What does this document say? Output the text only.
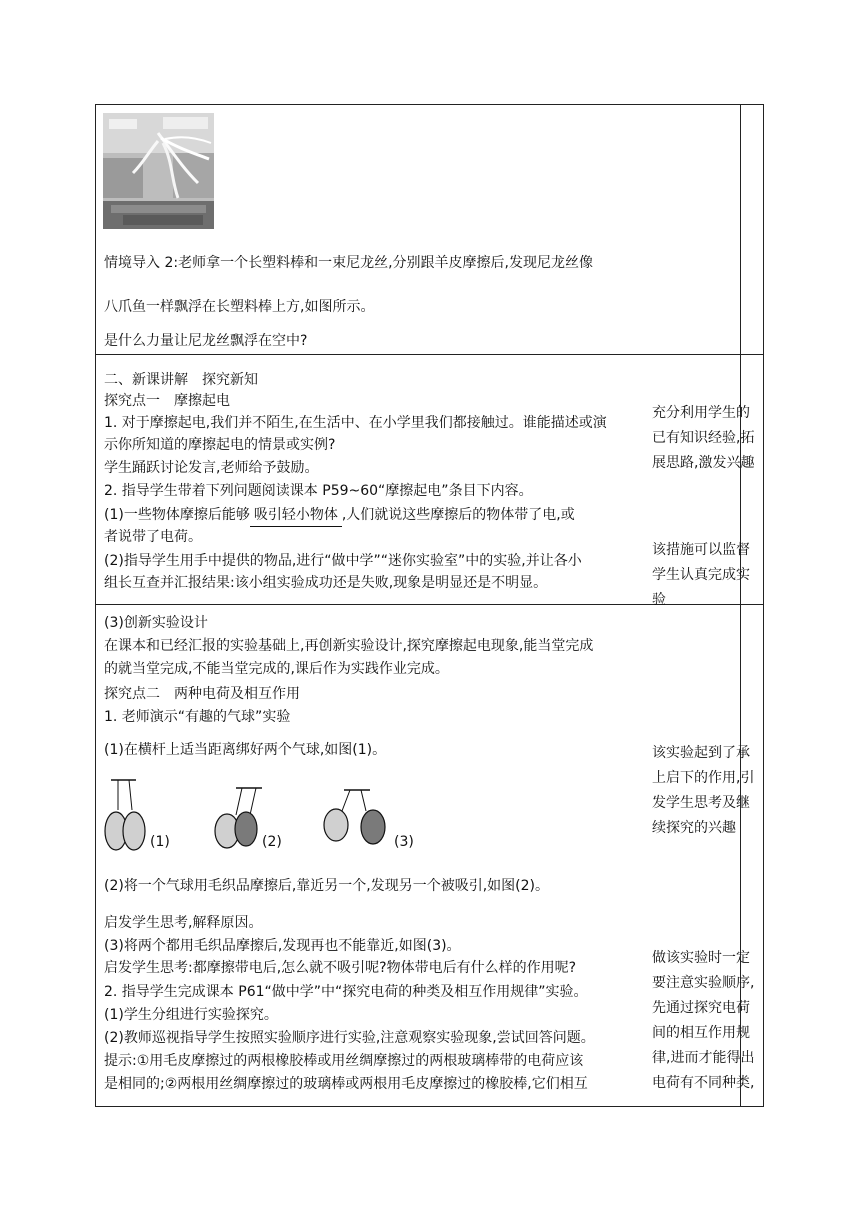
情境导入 2:老师拿一个长塑料棒和一束尼龙丝,分别跟羊皮摩擦后,发现尼龙丝像
八爪鱼一样飘浮在长塑料棒上方,如图所示。
是什么力量让尼龙丝飘浮在空中?
二、新课讲解　探究新知
探究点一　摩擦起电
1. 对于摩擦起电,我们并不陌生,在生活中、在小学里我们都接触过。谁能描述或演
示你所知道的摩擦起电的情景或实例?
学生踊跃讨论发言,老师给予鼓励。
2. 指导学生带着下列问题阅读课本 P59~60“摩擦起电”条目下内容。
(1)一些物体摩擦后能够 吸引轻小物体 ,人们就说这些摩擦后的物体带了电,或
者说带了电荷。
(2)指导学生用手中提供的物品,进行“做中学”“迷你实验室”中的实验,并让各小
组长互查并汇报结果:该小组实验成功还是失败,现象是明显还是不明显。
充分利用学生的已有知识经验,拓展思路,激发兴趣
该措施可以监督学生认真完成实验
(3)创新实验设计
在课本和已经汇报的实验基础上,再创新实验设计,探究摩擦起电现象,能当堂完成
的就当堂完成,不能当堂完成的,课后作为实践作业完成。
探究点二　两种电荷及相互作用
1. 老师演示“有趣的气球”实验
(1)在横杆上适当距离绑好两个气球,如图(1)。
(1)	(2)	(3)
(2)将一个气球用毛织品摩擦后,靠近另一个,发现另一个被吸引,如图(2)。
启发学生思考,解释原因。
(3)将两个都用毛织品摩擦后,发现再也不能靠近,如图(3)。
启发学生思考:都摩擦带电后,怎么就不吸引呢?物体带电后有什么样的作用呢?
2. 指导学生完成课本 P61“做中学”中“探究电荷的种类及相互作用规律”实验。
(1)学生分组进行实验探究。
(2)教师巡视指导学生按照实验顺序进行实验,注意观察实验现象,尝试回答问题。
提示:①用毛皮摩擦过的两根橡胶棒或用丝绸摩擦过的两根玻璃棒带的电荷应该
是相同的;②两根用丝绸摩擦过的玻璃棒或两根用毛皮摩擦过的橡胶棒,它们相互
该实验起到了承上启下的作用,引发学生思考及继续探究的兴趣
做该实验时一定要注意实验顺序,先通过探究电荷间的相互作用规律,进而才能得出电荷有不同种类,
